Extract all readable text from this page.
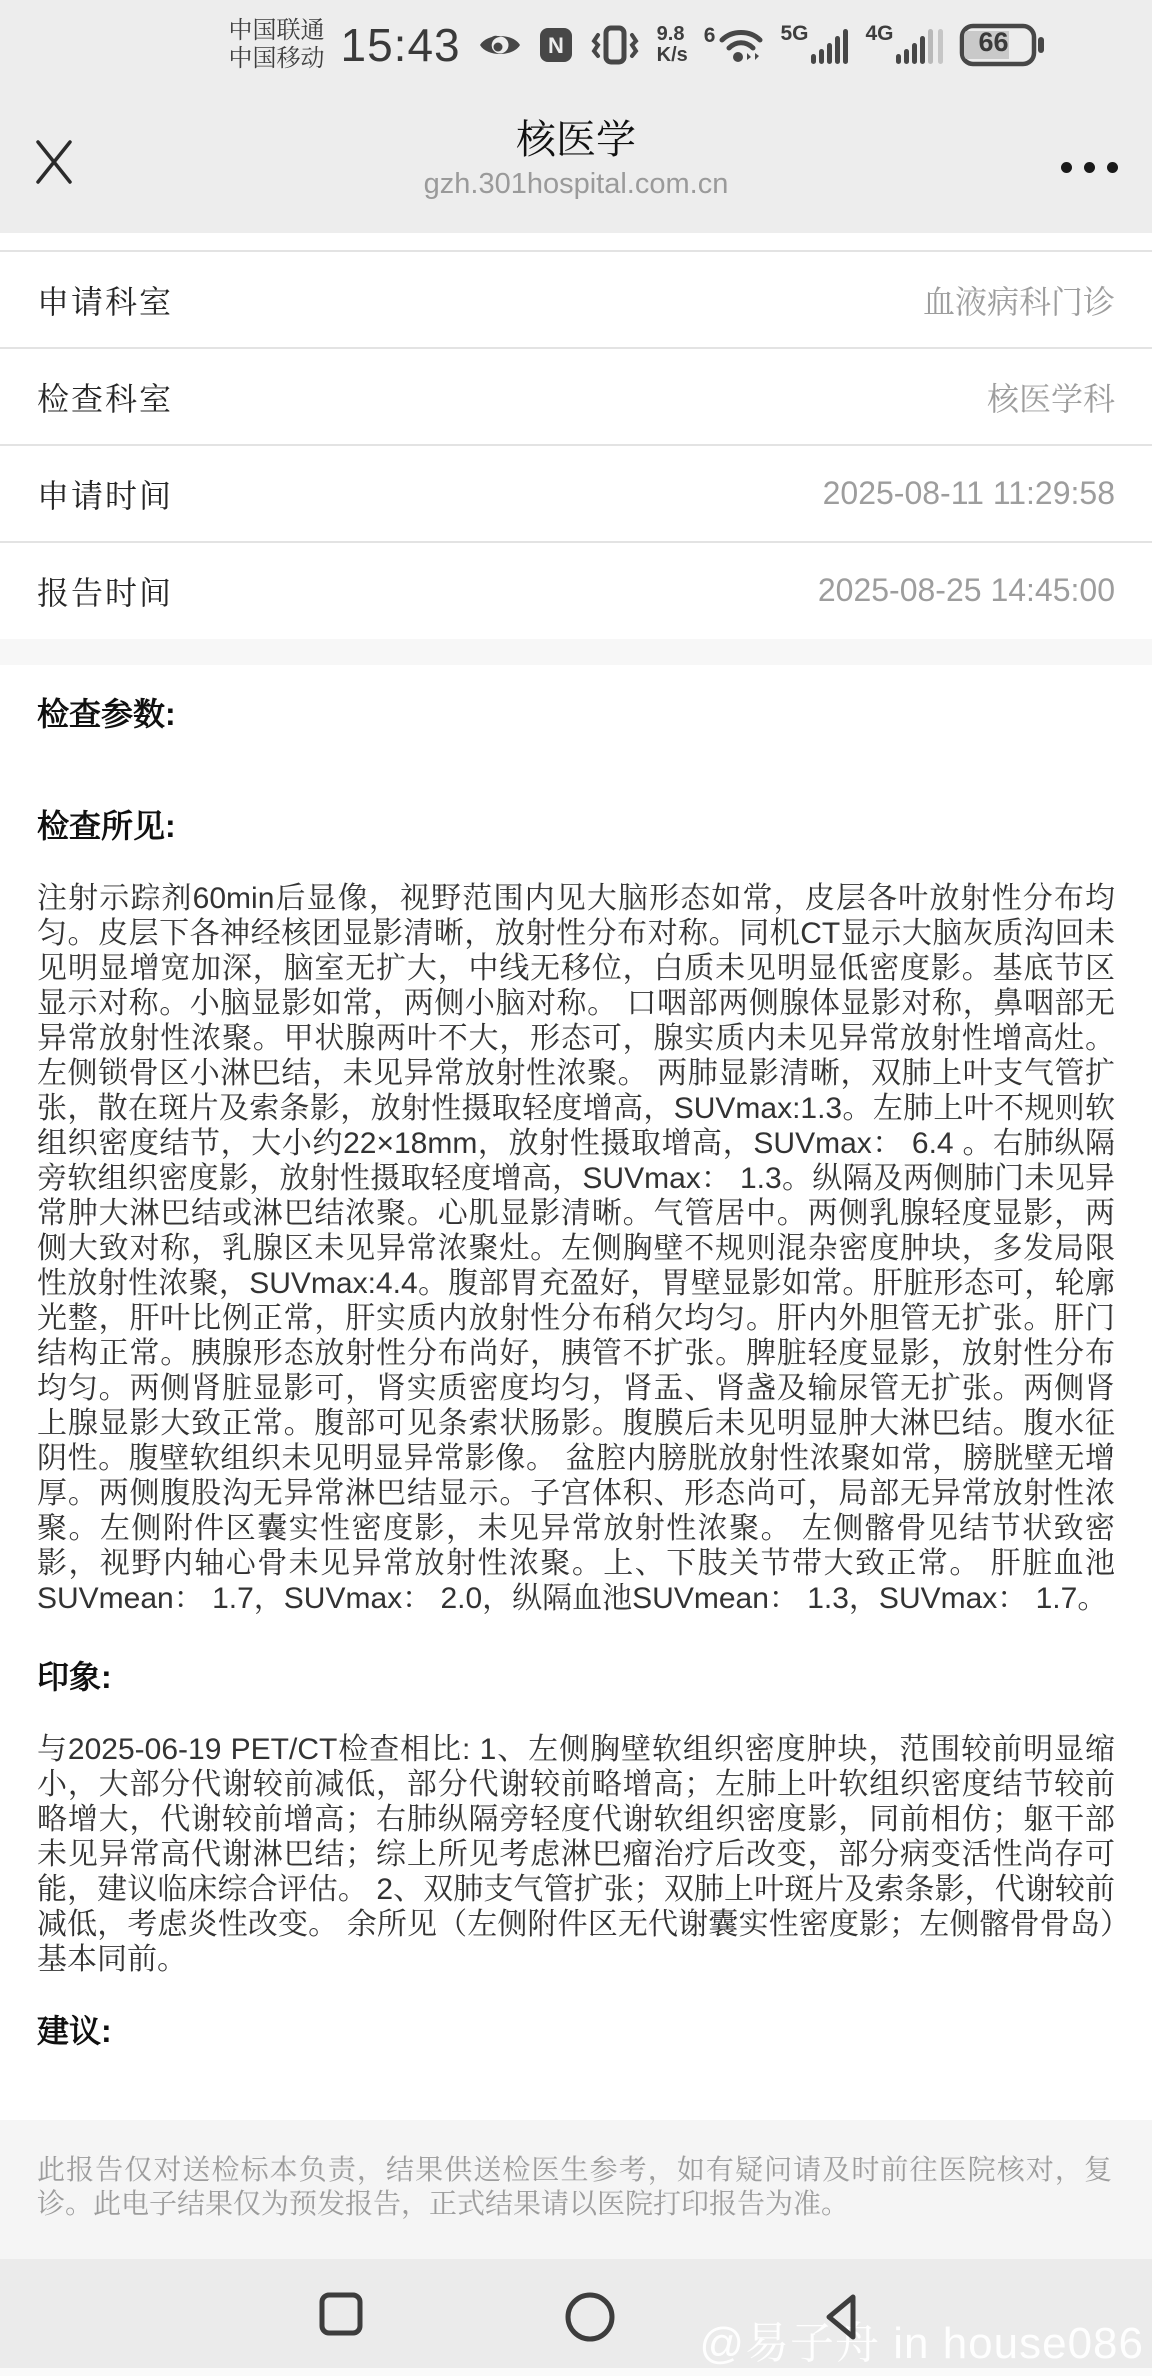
中国联通
中国移动 15:43	N	9.8
K/s
6	5G	4G	66
核医学
gzh.301hospital.com.cn
申请科室	血液病科门诊
检查科室	核医学科
申请时间	2025-08-11 11:29:58
报告时间	2025-08-25 14:45:00
检查参数:
检查所见:

注射示踪剂60min后显像，视野范围内见大脑形态如常，皮层各叶放射性分布均匀。皮层下各神经核团显影清晰，放射性分布对称。同机CT显示大脑灰质沟回未见明显增宽加深，脑室无扩大，中线无移位，白质未见明显低密度影。基底节区显示对称。小脑显影如常，两侧小脑对称。 口咽部两侧腺体显影对称，鼻咽部无异常放射性浓聚。甲状腺两叶不大，形态可，腺实质内未见异常放射性增高灶。左侧锁骨区小淋巴结，未见异常放射性浓聚。 两肺显影清晰，双肺上叶支气管扩张，散在斑片及索条影，放射性摄取轻度增高，SUVmax:1.3。左肺上叶不规则软组织密度结节，大小约22×18mm，放射性摄取增高，SUVmax： 6.4 。右肺纵隔旁软组织密度影，放射性摄取轻度增高，SUVmax： 1.3。纵隔及两侧肺门未见异常肿大淋巴结或淋巴结浓聚。心肌显影清晰。气管居中。两侧乳腺轻度显影，两侧大致对称，乳腺区未见异常浓聚灶。左侧胸壁不规则混杂密度肿块，多发局限性放射性浓聚，SUVmax:4.4。腹部胃充盈好，胃壁显影如常。肝脏形态可，轮廓光整，肝叶比例正常，肝实质内放射性分布稍欠均匀。肝内外胆管无扩张。肝门结构正常。胰腺形态放射性分布尚好，胰管不扩张。脾脏轻度显影，放射性分布均匀。两侧肾脏显影可，肾实质密度均匀，肾盂、肾盏及输尿管无扩张。两侧肾上腺显影大致正常。腹部可见条索状肠影。腹膜后未见明显肿大淋巴结。腹水征阴性。腹壁软组织未见明显异常影像。 盆腔内膀胱放射性浓聚如常，膀胱壁无增厚。两侧腹股沟无异常淋巴结显示。子宫体积、形态尚可，局部无异常放射性浓聚。左侧附件区囊实性密度影，未见异常放射性浓聚。 左侧髂骨见结节状致密影，视野内轴心骨未见异常放射性浓聚。上、下肢关节带大致正常。 肝脏血池SUVmean： 1.7，SUVmax： 2.0，纵隔血池SUVmean： 1.3，SUVmax： 1.7。

印象:

与2025-06-19 PET/CT检查相比: 1、左侧胸壁软组织密度肿块，范围较前明显缩小，大部分代谢较前减低，部分代谢较前略增高；左肺上叶软组织密度结节较前略增大，代谢较前增高；右肺纵隔旁轻度代谢软组织密度影，同前相仿；躯干部未见异常高代谢淋巴结；综上所见考虑淋巴瘤治疗后改变，部分病变活性尚存可能，建议临床综合评估。 2、双肺支气管扩张；双肺上叶斑片及索条影，代谢较前减低，考虑炎性改变。 余所见（左侧附件区无代谢囊实性密度影；左侧髂骨骨岛）基本同前。

建议:

此报告仅对送检标本负责，结果供送检医生参考，如有疑问请及时前往医院核对，复诊。此电子结果仅为预发报告，正式结果请以医院打印报告为准。

@易子舟 in house086
